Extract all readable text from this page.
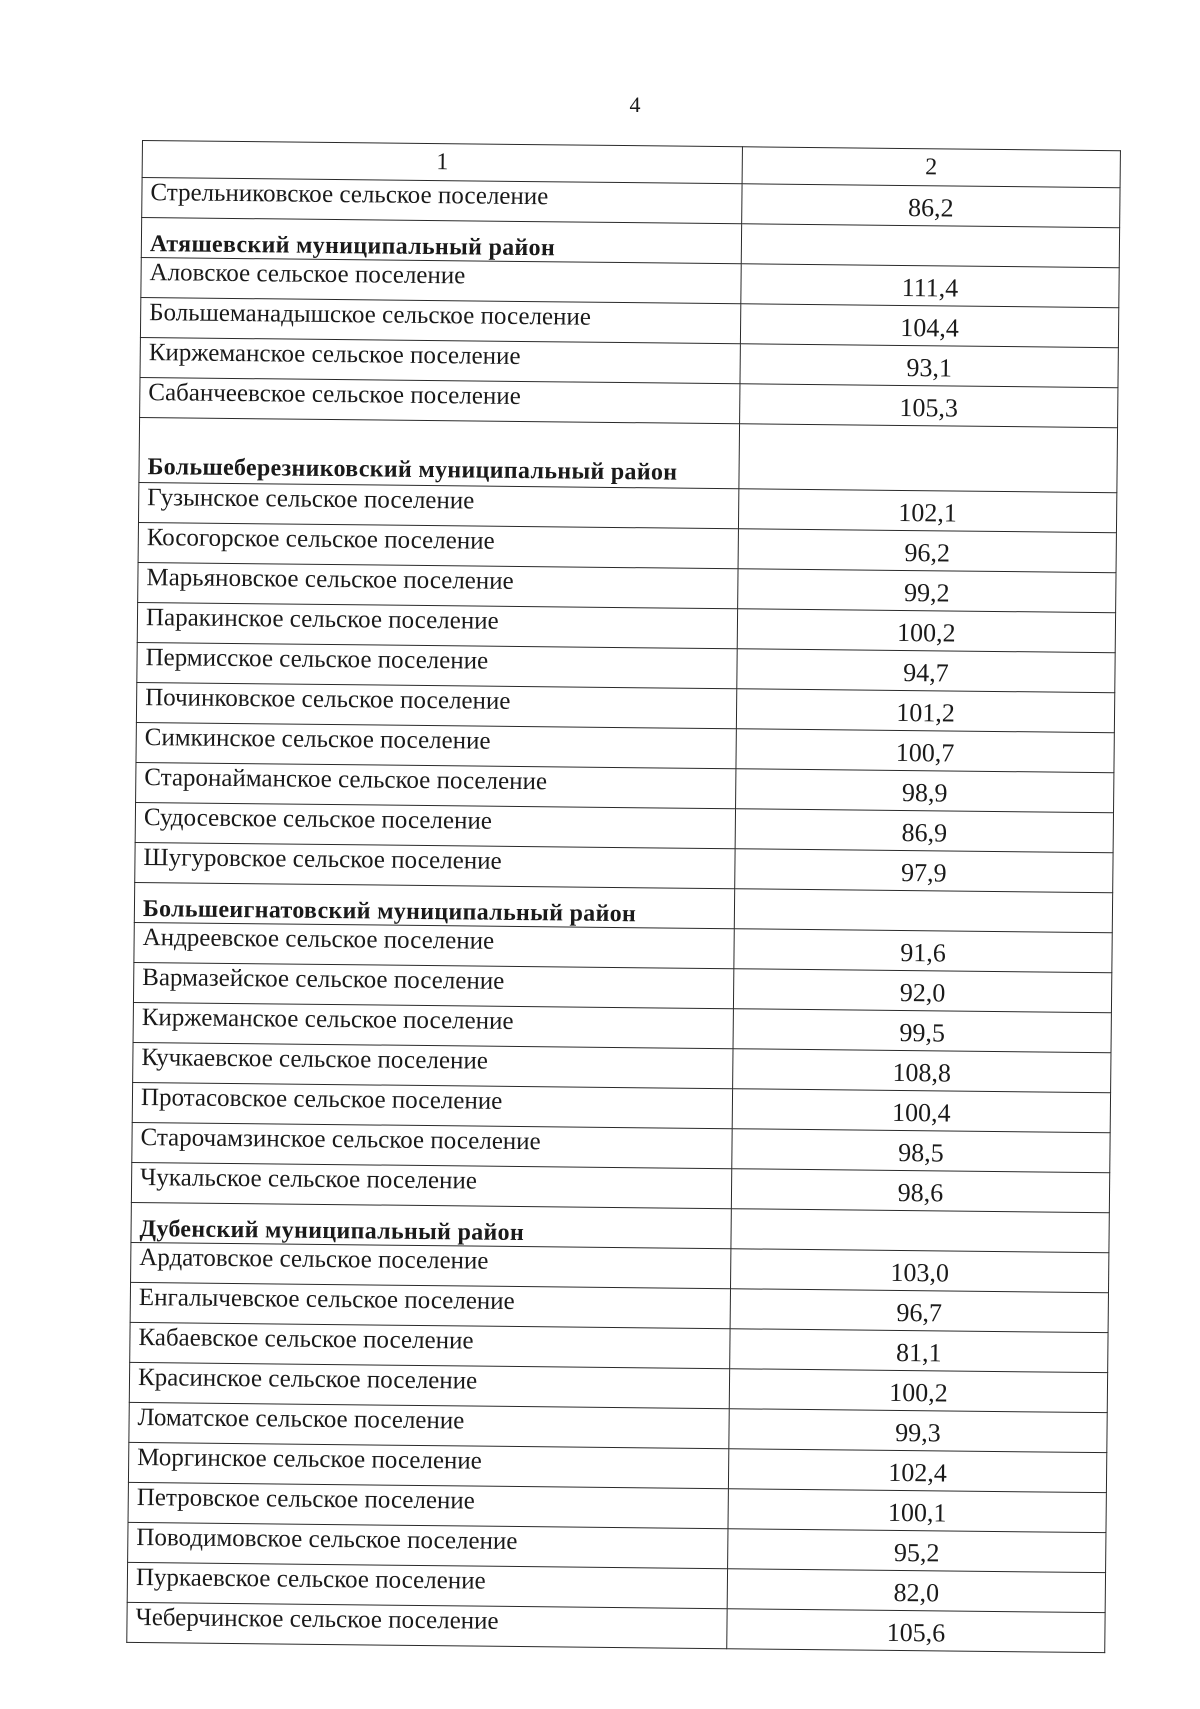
4
1	2
Стрельниковское сельское поселение	86,2
Атяшевский муниципальный район	
Аловское сельское поселение	111,4
Большеманадышское сельское поселение	104,4
Киржеманское сельское поселение	93,1
Сабанчеевское сельское поселение	105,3
Большеберезниковский муниципальный район	
Гузынское сельское поселение	102,1
Косогорское сельское поселение	96,2
Марьяновское сельское поселение	99,2
Паракинское сельское поселение	100,2
Пермисское сельское поселение	94,7
Починковское сельское поселение	101,2
Симкинское сельское поселение	100,7
Старонайманское сельское поселение	98,9
Судосевское сельское поселение	86,9
Шугуровское сельское поселение	97,9
Большеигнатовский муниципальный район	
Андреевское сельское поселение	91,6
Вармазейское сельское поселение	92,0
Киржеманское сельское поселение	99,5
Кучкаевское сельское поселение	108,8
Протасовское сельское поселение	100,4
Старочамзинское сельское поселение	98,5
Чукальское сельское поселение	98,6
Дубенский муниципальный район	
Ардатовское сельское поселение	103,0
Енгалычевское сельское поселение	96,7
Кабаевское сельское поселение	81,1
Красинское сельское поселение	100,2
Ломатское сельское поселение	99,3
Моргинское сельское поселение	102,4
Петровское сельское поселение	100,1
Поводимовское сельское поселение	95,2
Пуркаевское сельское поселение	82,0
Чеберчинское сельское поселение	105,6
